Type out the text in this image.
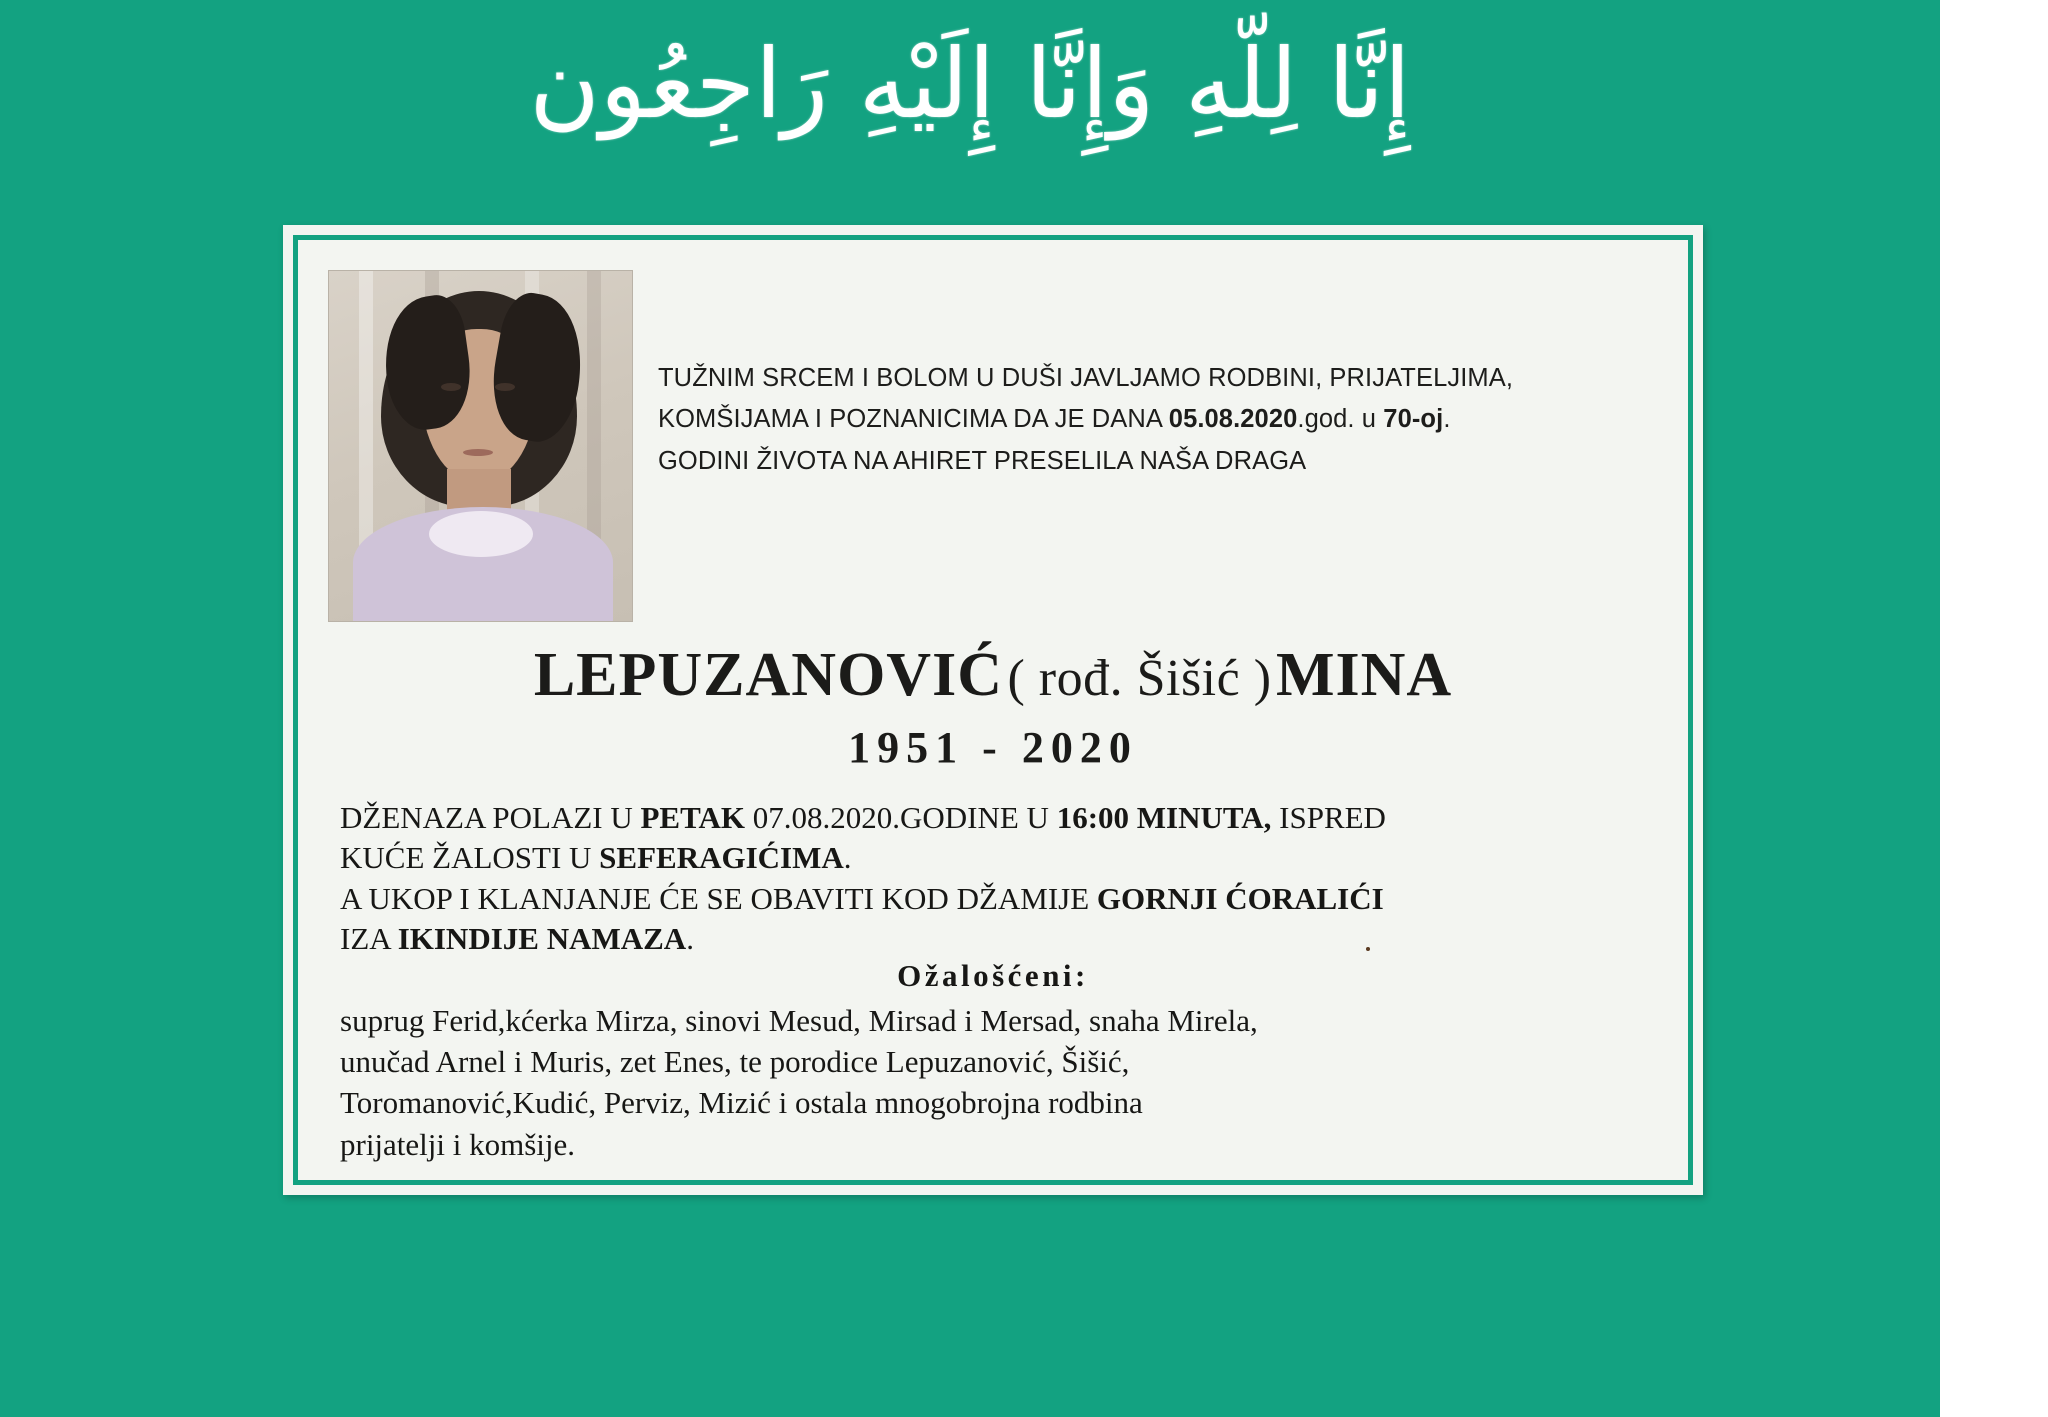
إِنَّا لِلّهِ وَإِنَّا إِلَيْهِ رَاجِعُون
TUŽNIM SRCEM I BOLOM U DUŠI JAVLJAMO RODBINI, PRIJATELJIMA,
KOMŠIJAMA I POZNANICIMA DA JE DANA 05.08.2020.god. u 70-oj.
GODINI ŽIVOTA NA AHIRET PRESELILA NAŠA DRAGA
LEPUZANOVIĆ ( rođ. Šišić ) MINA
1951 - 2020
DŽENAZA POLAZI U PETAK 07.08.2020.GODINE U 16:00 MINUTA, ISPRED
KUĆE ŽALOSTI U SEFERAGIĆIMA.
A UKOP I KLANJANJE ĆE SE OBAVITI KOD DŽAMIJE GORNJI ĆORALIĆI
IZA IKINDIJE NAMAZA.
Ožalošćeni:
suprug Ferid,kćerka Mirza, sinovi Mesud, Mirsad i Mersad, snaha Mirela,
unučad Arnel i Muris, zet Enes, te porodice Lepuzanović, Šišić,
Toromanović,Kudić, Perviz, Mizić i ostala mnogobrojna rodbina
prijatelji i komšije.
